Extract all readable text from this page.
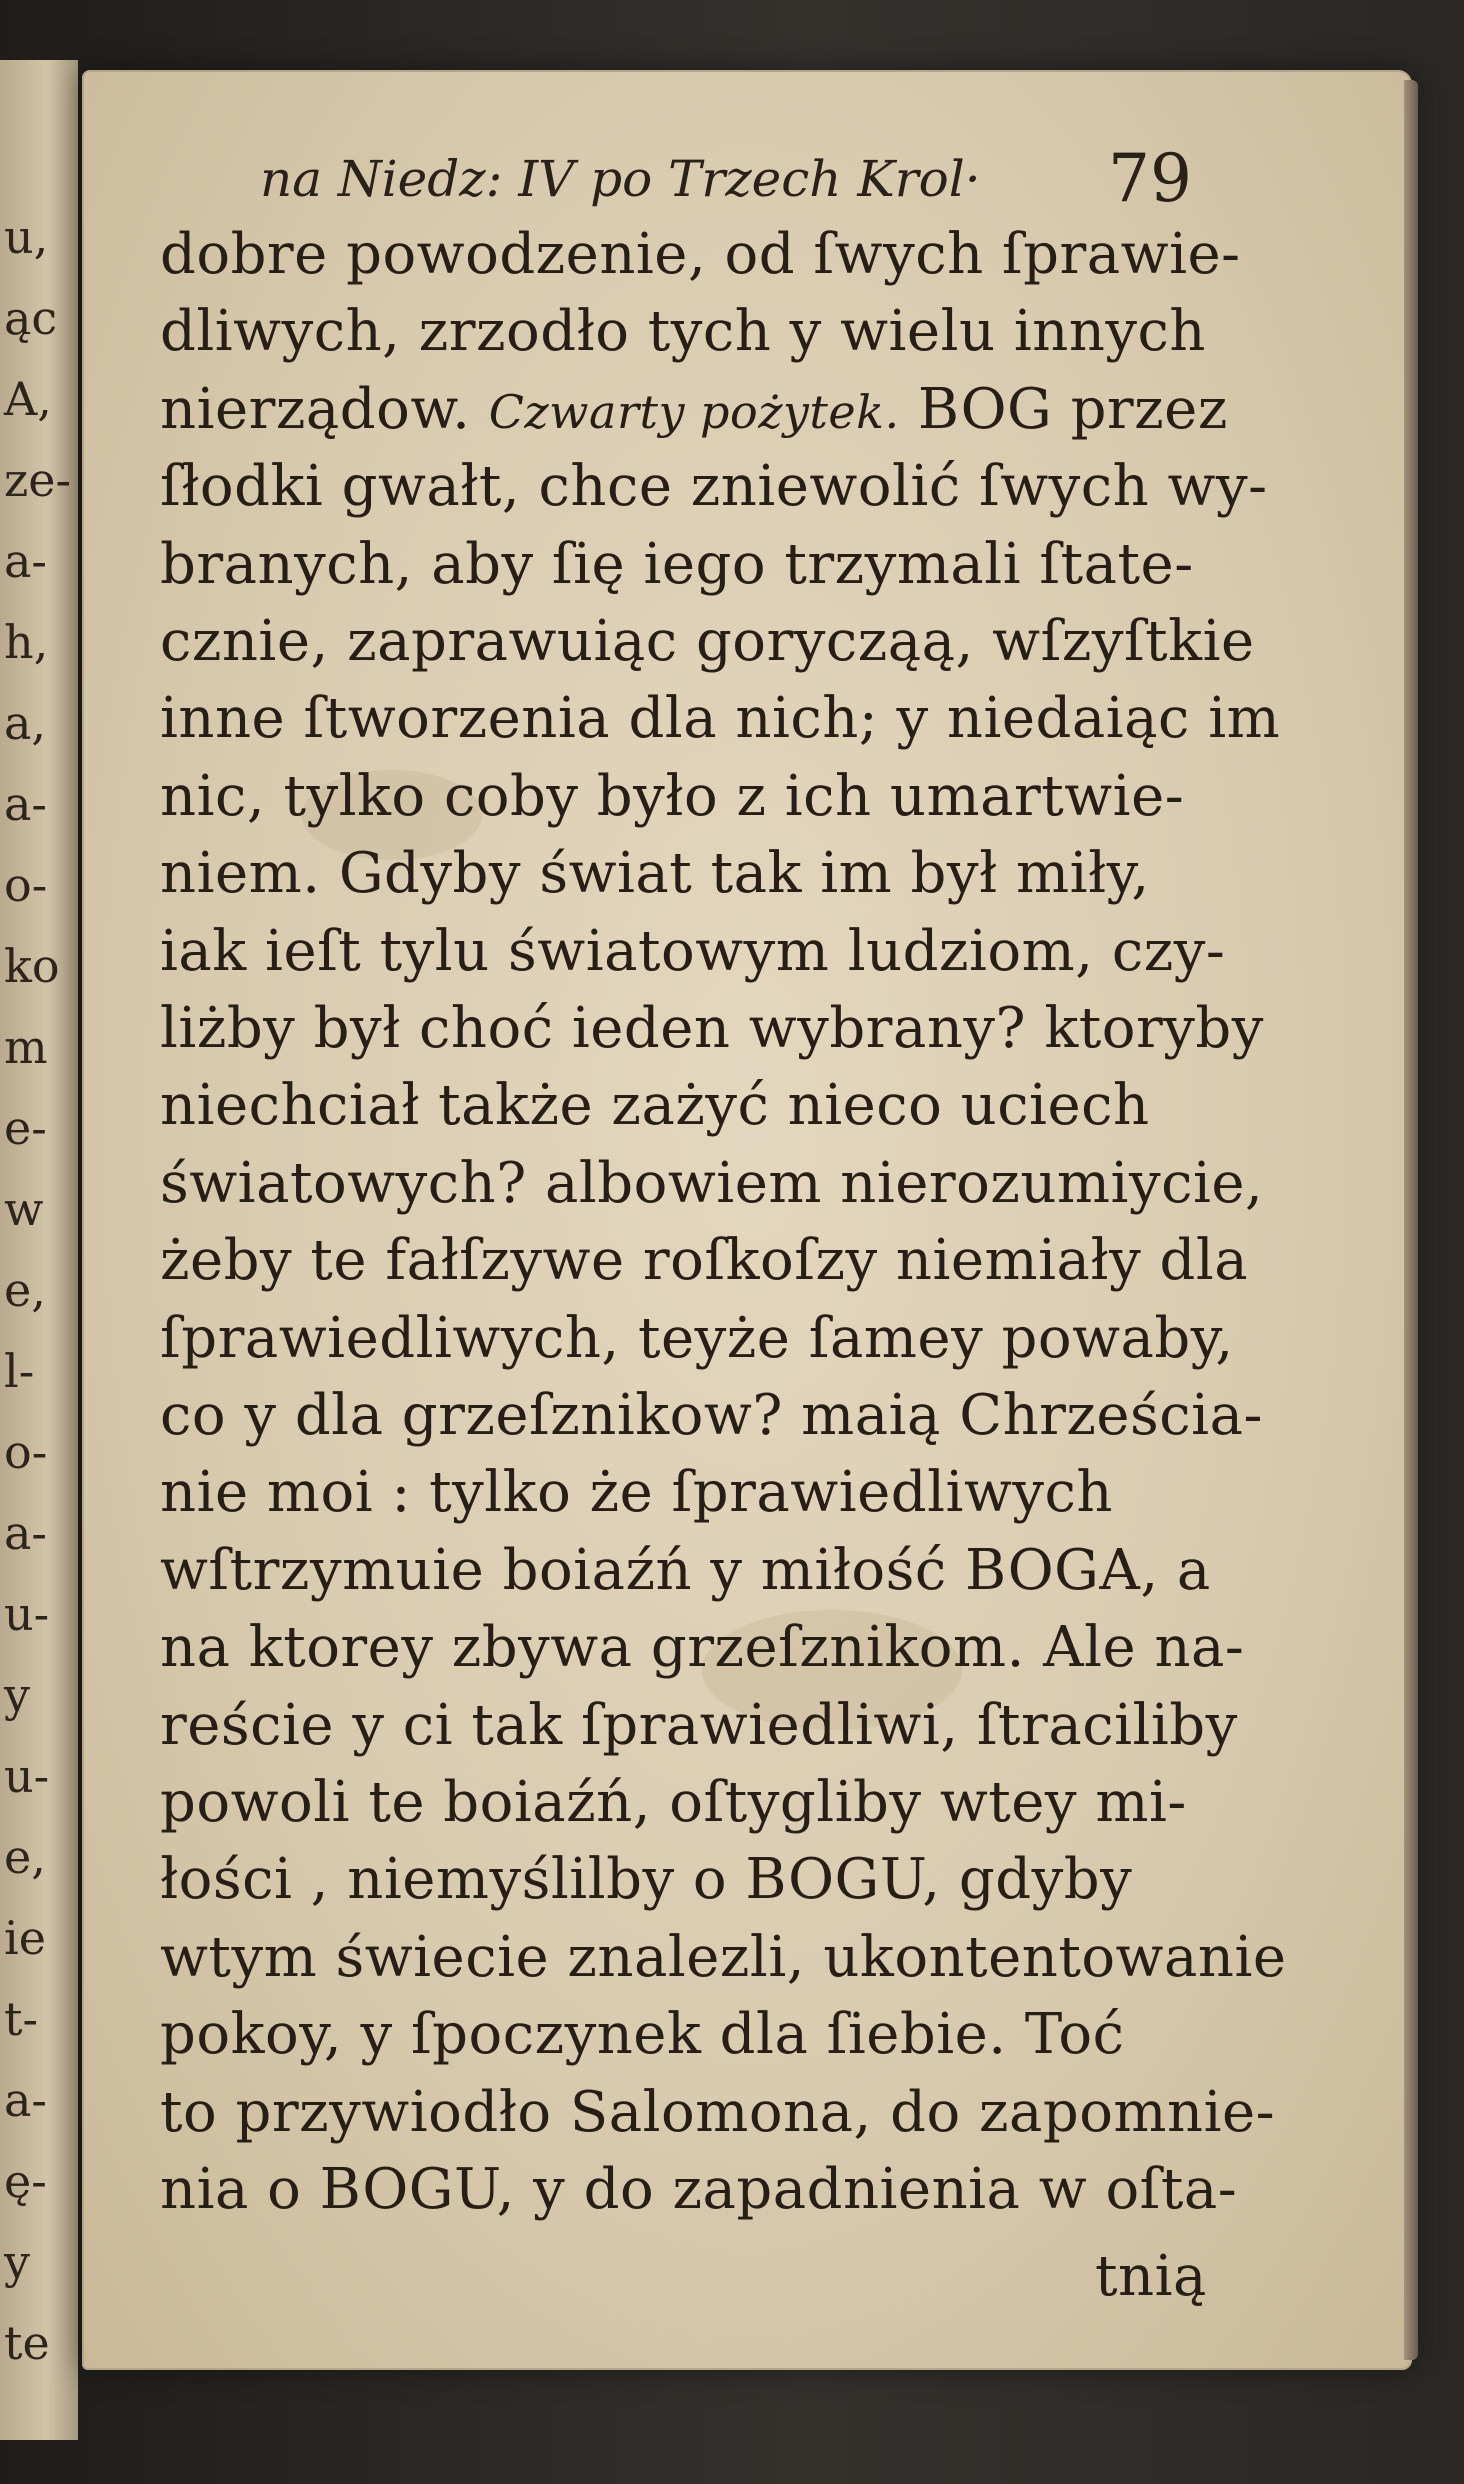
u,
ąc
A,
ze-
a-
h,
a,
a-
o-
ko
m
e-
w
e,
l-
o-
a-
u-
y
u-
e,
ie
t-
a-
ę-
y
te
na Niedz: IV po Trzech Krol·	79
dobre powodzenie, od ſwych ſprawie-
dliwych, zrzodło tych y wielu innych
nierządow. Czwarty pożytek. BOG przez
ſłodki gwałt, chce zniewolić ſwych wy-
branych, aby ſię iego trzymali ſtate-
cznie, zaprawuiąc gorycząą, wſzyſtkie
inne ſtworzenia dla nich; y niedaiąc im
nic, tylko coby było z ich umartwie-
niem. Gdyby świat tak im był miły,
iak ieſt tylu światowym ludziom, czy-
liżby był choć ieden wybrany? ktoryby
niechciał także zażyć nieco uciech
światowych? albowiem nierozumiycie,
żeby te fałſzywe roſkoſzy niemiały dla
ſprawiedliwych, teyże ſamey powaby,
co y dla grzeſznikow? maią Chrześcia-
nie moi : tylko że ſprawiedliwych
wſtrzymuie boiaźń y miłość BOGA, a
na ktorey zbywa grzeſznikom. Ale na-
reście y ci tak ſprawiedliwi, ſtraciliby
powoli te boiaźń, oſtygliby wtey mi-
łości , niemyślilby o BOGU, gdyby
wtym świecie znalezli, ukontentowanie
pokoy, y ſpoczynek dla ſiebie. Toć
to przywiodło Salomona, do zapomnie-
nia o BOGU, y do zapadnienia w oſta-
tnią
